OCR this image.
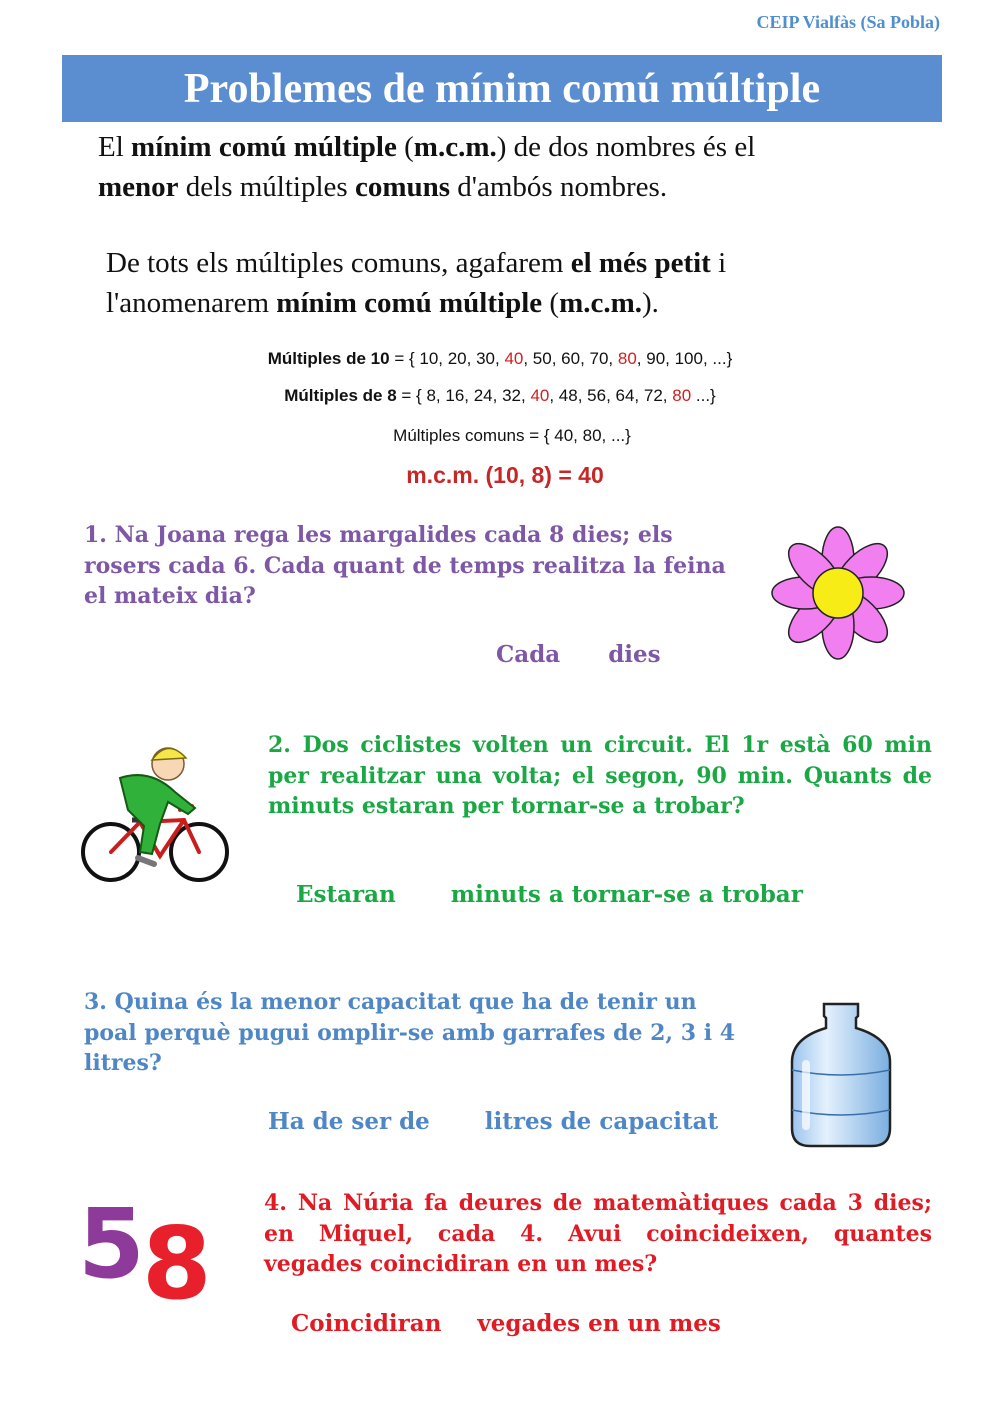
CEIP Vialfàs (Sa Pobla)
Problemes de mínim comú múltiple
El mínim comú múltiple (m.c.m.) de dos nombres és el
menor dels múltiples comuns d'ambós nombres.
De tots els múltiples comuns, agafarem el més petit i
l'anomenarem mínim comú múltiple (m.c.m.).
Múltiples de 10 = { 10, 20, 30, 40, 50, 60, 70, 80, 90, 100, ...}
Múltiples de 8 = { 8, 16, 24, 32, 40, 48, 56, 64, 72, 80 ...}
Múltiples comuns = { 40, 80, ...}
m.c.m. (10, 8) = 40
1. Na Joana rega les margalides cada 8 dies; els rosers cada 6. Cada quant de temps realitza la feina el mateix dia?
Cada dies
2. Dos ciclistes volten un circuit. El 1r està 60 min per realitzar una volta; el segon, 90 min. Quants de minuts estaran per tornar-se a trobar?
Estaran minuts a tornar-se a trobar
3. Quina és la menor capacitat que ha de tenir un poal perquè pugui omplir-se amb garrafes de 2, 3 i 4 litres?
Ha de ser de litres de capacitat
5
8
4. Na Núria fa deures de matemàtiques cada 3 dies; en Miquel, cada 4. Avui coincideixen, quantes vegades coincidiran en un mes?
Coincidiran vegades en un mes
